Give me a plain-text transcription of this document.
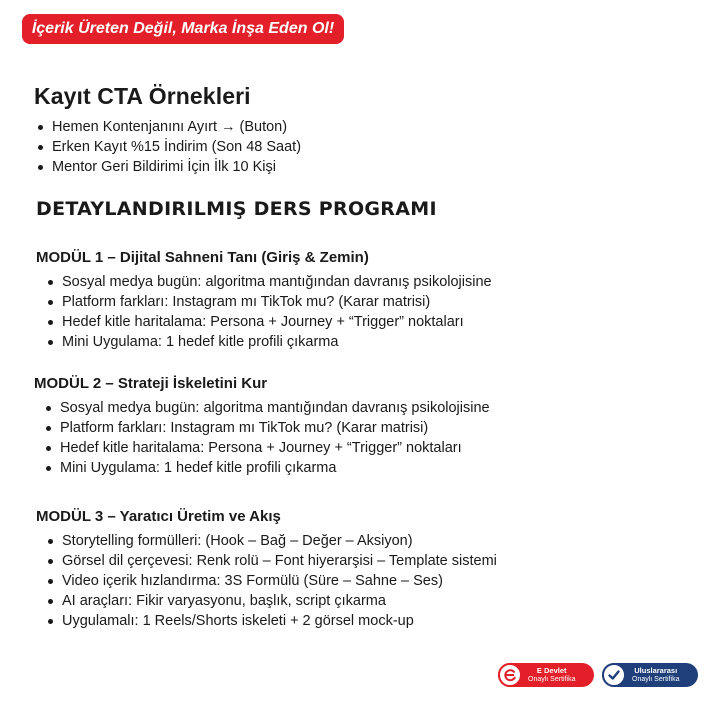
İçerik Üreten Değil, Marka İnşa Eden Ol!
Kayıt CTA Örnekleri
Hemen Kontenjanını Ayırt → (Buton)
Erken Kayıt %15 İndirim (Son 48 Saat)
Mentor Geri Bildirimi İçin İlk 10 Kişi
DETAYLANDIRILMIŞ DERS PROGRAMI
MODÜL 1 – Dijital Sahneni Tanı (Giriş & Zemin)
Sosyal medya bugün: algoritma mantığından davranış psikolojisine
Platform farkları: Instagram mı TikTok mu? (Karar matrisi)
Hedef kitle haritalama: Persona + Journey + “Trigger” noktaları
Mini Uygulama: 1 hedef kitle profili çıkarma
MODÜL 2 – Strateji İskeletini Kur
Sosyal medya bugün: algoritma mantığından davranış psikolojisine
Platform farkları: Instagram mı TikTok mu? (Karar matrisi)
Hedef kitle haritalama: Persona + Journey + “Trigger” noktaları
Mini Uygulama: 1 hedef kitle profili çıkarma
MODÜL 3 – Yaratıcı Üretim ve Akış
Storytelling formülleri: (Hook – Bağ – Değer – Aksiyon)
Görsel dil çerçevesi: Renk rolü – Font hiyerarşisi – Template sistemi
Video içerik hızlandırma: 3S Formülü (Süre – Sahne – Ses)
AI araçları: Fikir varyasyonu, başlık, script çıkarma
Uygulamalı: 1 Reels/Shorts iskeleti + 2 görsel mock-up
E Devlet
Onaylı Sertifika
Uluslararası
Onaylı Sertifika
